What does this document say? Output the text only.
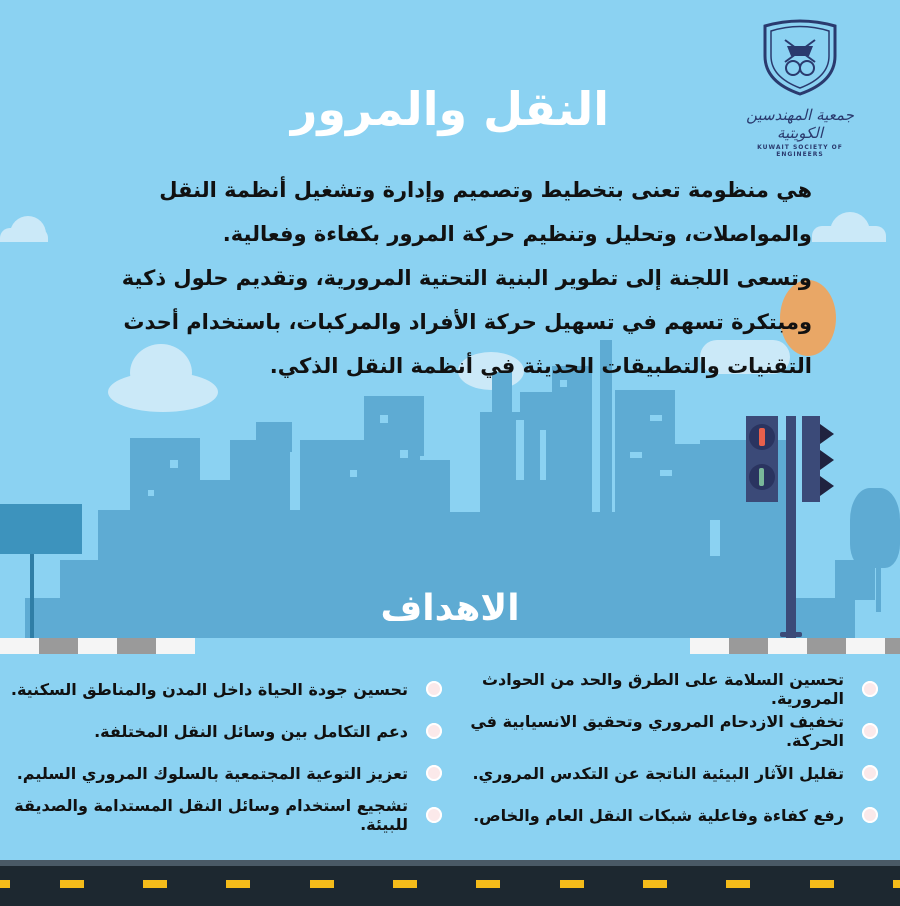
جمعية المهندسين الكويتية
KUWAIT SOCIETY OF ENGINEERS
النقل والمرور

هي منظومة تعنى بتخطيط وتصميم وإدارة وتشغيل أنظمة النقل والمواصلات، وتحليل وتنظيم حركة المرور بكفاءة وفعالية.

وتسعى اللجنة إلى تطوير البنية التحتية المرورية، وتقديم حلول ذكية ومبتكرة تسهم في تسهيل حركة الأفراد والمركبات، باستخدام أحدث التقنيات والتطبيقات الحديثة في أنظمة النقل الذكي.

الاهداف
تحسين السلامة على الطرق والحد من الحوادث المرورية.
تخفيف الازدحام المروري وتحقيق الانسيابية في الحركة.
تقليل الآثار البيئية الناتجة عن التكدس المروري.
رفع كفاءة وفاعلية شبكات النقل العام والخاص.
تحسين جودة الحياة داخل المدن والمناطق السكنية.
دعم التكامل بين وسائل النقل المختلفة.
تعزيز التوعية المجتمعية بالسلوك المروري السليم.
تشجيع استخدام وسائل النقل المستدامة والصديقة للبيئة.
